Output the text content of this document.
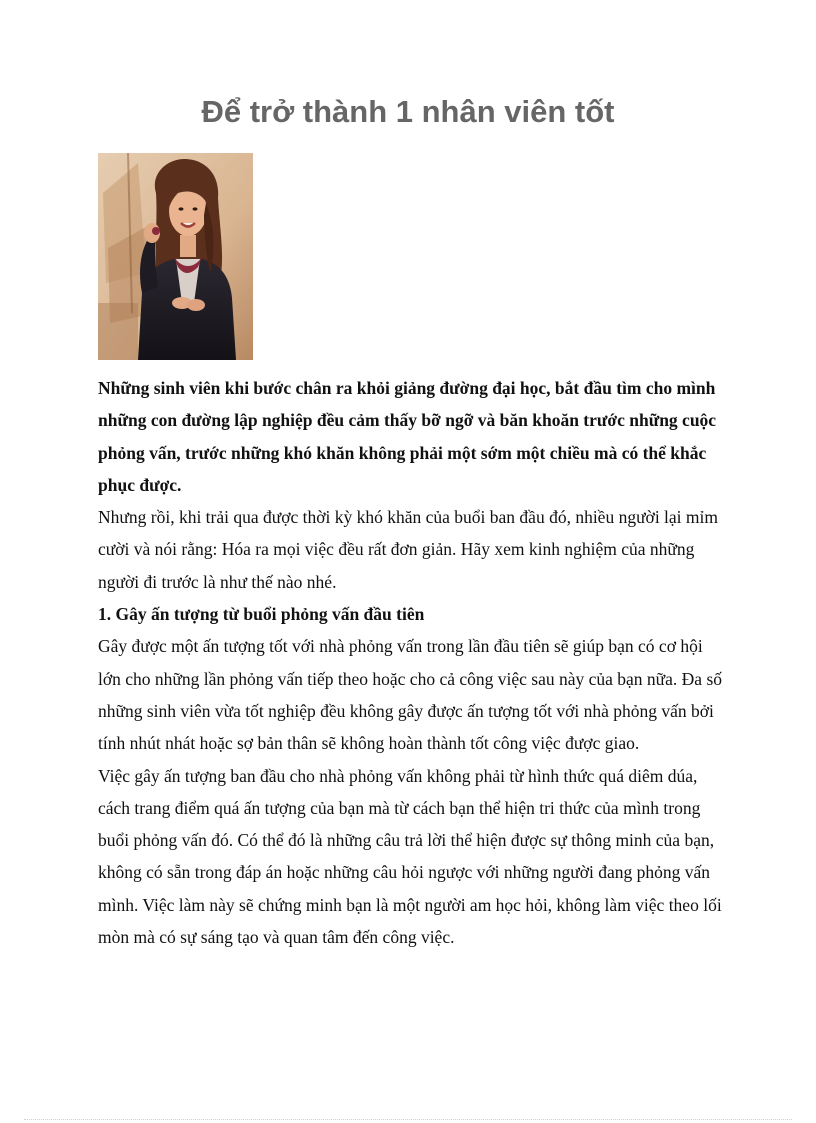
Để trở thành 1 nhân viên tốt

Những sinh viên khi bước chân ra khỏi giảng đường đại học, bắt đầu tìm cho mình những con đường lập nghiệp đều cảm thấy bỡ ngỡ và băn khoăn trước những cuộc phỏng vấn, trước những khó khăn không phải một sớm một chiều mà có thể khắc phục được.

Nhưng rồi, khi trải qua được thời kỳ khó khăn của buổi ban đầu đó, nhiều người lại mỉm cười và nói rằng: Hóa ra mọi việc đều rất đơn giản. Hãy xem kinh nghiệm của những người đi trước là như thế nào nhé.

1. Gây ấn tượng từ buổi phỏng vấn đầu tiên

Gây được một ấn tượng tốt với nhà phỏng vấn trong lần đầu tiên sẽ giúp bạn có cơ hội lớn cho những lần phỏng vấn tiếp theo hoặc cho cả công việc sau này của bạn nữa. Đa số những sinh viên vừa tốt nghiệp đều không gây được ấn tượng tốt với nhà phỏng vấn bởi tính nhút nhát hoặc sợ bản thân sẽ không hoàn thành tốt công việc được giao.

Việc gây ấn tượng ban đầu cho nhà phỏng vấn không phải từ hình thức quá diêm dúa, cách trang điểm quá ấn tượng của bạn mà từ cách bạn thể hiện tri thức của mình trong buổi phỏng vấn đó. Có thể đó là những câu trả lời thể hiện được sự thông minh của bạn, không có sẵn trong đáp án hoặc những câu hỏi ngược với những người đang phỏng vấn mình. Việc làm này sẽ chứng minh bạn là một người am học hỏi, không làm việc theo lối mòn mà có sự sáng tạo và quan tâm đến công việc.
